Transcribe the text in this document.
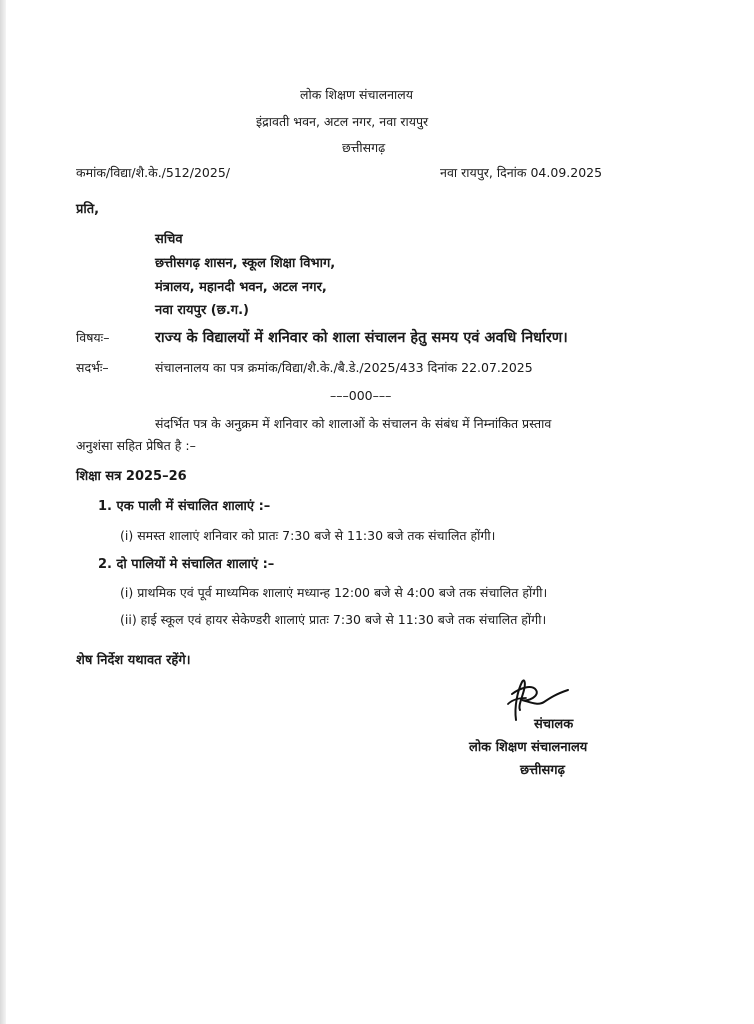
लोक शिक्षण संचालनालय
इंद्रावती भवन, अटल नगर, नवा रायपुर
छत्तीसगढ़
कमांक/विद्या/शै.के./512/2025/	नवा रायपुर, दिनांक 04.09.2025
प्रति,
सचिव
छत्तीसगढ़ शासन, स्कूल शिक्षा विभाग,
मंत्रालय, महानदी भवन, अटल नगर,
नवा रायपुर (छ.ग.)
विषयः–	राज्य के विद्यालयों में शनिवार को शाला संचालन हेतु समय एवं अवधि निर्धारण।
सदर्भः–	संचालनालय का पत्र क्रमांक/विद्या/शै.के./बै.डे./2025/433 दिनांक 22.07.2025
–––000–––
संदर्भित पत्र के अनुक्रम में शनिवार को शालाओं के संचालन के संबंध में निम्नांकित प्रस्ताव
अनुशंसा सहित प्रेषित है :–
शिक्षा सत्र 2025–26
1. एक पाली में संचालित शालाएं :–
(i) समस्त शालाएं शनिवार को प्रातः 7:30 बजे से 11:30 बजे तक संचालित होंगी।
2. दो पालियों मे संचालित शालाएं :–
(i) प्राथमिक एवं पूर्व माध्यमिक शालाएं मध्यान्ह 12:00 बजे से 4:00 बजे तक संचालित होंगी।
(ii) हाई स्कूल एवं हायर सेकेण्डरी शालाएं प्रातः 7:30 बजे से 11:30 बजे तक संचालित होंगी।
शेष निर्देश यथावत रहेंगे।
संचालक
लोक शिक्षण संचालनालय
छत्तीसगढ़
